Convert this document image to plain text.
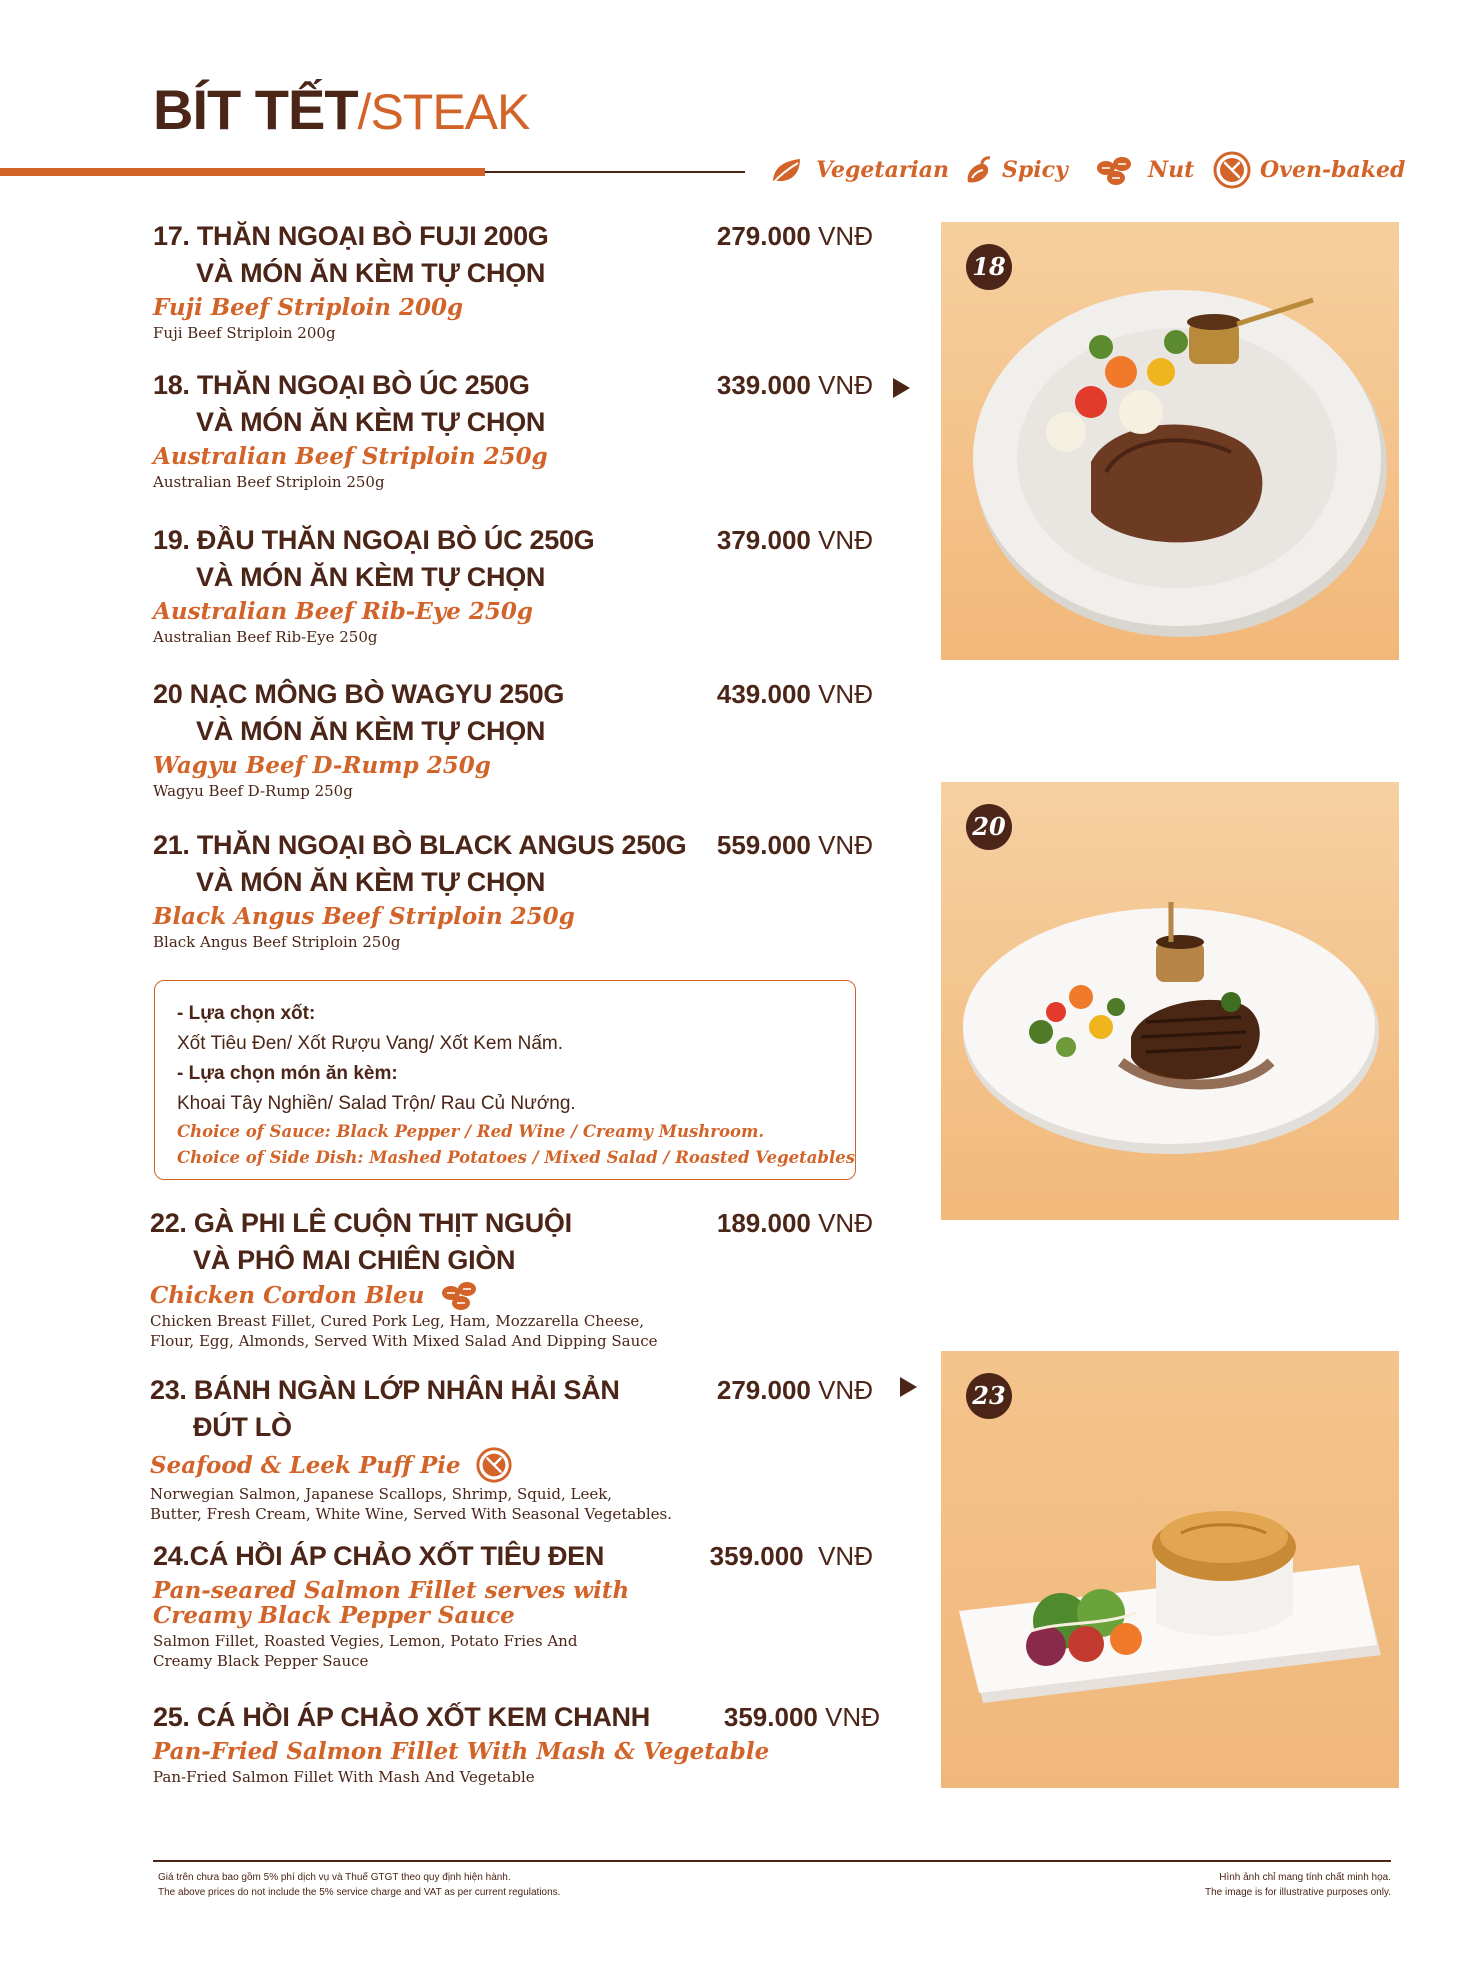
BÍT TẾT/STEAK
Vegetarian Spicy	Nut	Oven-baked
17. THĂN NGOẠI BÒ FUJI 200G	279.000 VNĐ
VÀ MÓN ĂN KÈM TỰ CHỌN
Fuji Beef Striploin 200g
Fuji Beef Striploin 200g
18. THĂN NGOẠI BÒ ÚC 250G	339.000 VNĐ
VÀ MÓN ĂN KÈM TỰ CHỌN
Australian Beef Striploin 250g
Australian Beef Striploin 250g
19. ĐẦU THĂN NGOẠI BÒ ÚC 250G	379.000 VNĐ
VÀ MÓN ĂN KÈM TỰ CHỌN
Australian Beef Rib-Eye 250g
Australian Beef Rib-Eye 250g
20 NẠC MÔNG BÒ WAGYU 250G	439.000 VNĐ
VÀ MÓN ĂN KÈM TỰ CHỌN
Wagyu Beef D-Rump 250g
Wagyu Beef D-Rump 250g
21. THĂN NGOẠI BÒ BLACK ANGUS 250G 559.000 VNĐ
VÀ MÓN ĂN KÈM TỰ CHỌN
Black Angus Beef Striploin 250g
Black Angus Beef Striploin 250g
- Lựa chọn xốt:
Xốt Tiêu Đen/ Xốt Rượu Vang/ Xốt Kem Nấm.
- Lựa chọn món ăn kèm:
Khoai Tây Nghiền/ Salad Trộn/ Rau Củ Nướng.
Choice of Sauce: Black Pepper / Red Wine / Creamy Mushroom.
Choice of Side Dish: Mashed Potatoes / Mixed Salad / Roasted Vegetables
22. GÀ PHI LÊ CUỘN THỊT NGUỘI	189.000 VNĐ
VÀ PHÔ MAI CHIÊN GIÒN
Chicken Cordon Bleu
Chicken Breast Fillet, Cured Pork Leg, Ham, Mozzarella Cheese,
Flour, Egg, Almonds, Served With Mixed Salad And Dipping Sauce
23. BÁNH NGÀN LỚP NHÂN HẢI SẢN	279.000 VNĐ
ĐÚT LÒ
Seafood & Leek Puff Pie
Norwegian Salmon, Japanese Scallops, Shrimp, Squid, Leek,
Butter, Fresh Cream, White Wine, Served With Seasonal Vegetables.
24.CÁ HỒI ÁP CHẢO XỐT TIÊU ĐEN	359.000 VNĐ
Pan-seared Salmon Fillet serves with
Creamy Black Pepper Sauce
Salmon Fillet, Roasted Vegies, Lemon, Potato Fries And
Creamy Black Pepper Sauce
25. CÁ HỒI ÁP CHẢO XỐT KEM CHANH	359.000 VNĐ
Pan-Fried Salmon Fillet With Mash & Vegetable
Pan-Fried Salmon Fillet With Mash And Vegetable
18
20
23
Giá trên chưa bao gồm 5% phí dịch vụ và Thuế GTGT theo quy định hiện hành.
The above prices do not include the 5% service charge and VAT as per current regulations.
Hình ảnh chỉ mang tính chất minh họa.
The image is for illustrative purposes only.
